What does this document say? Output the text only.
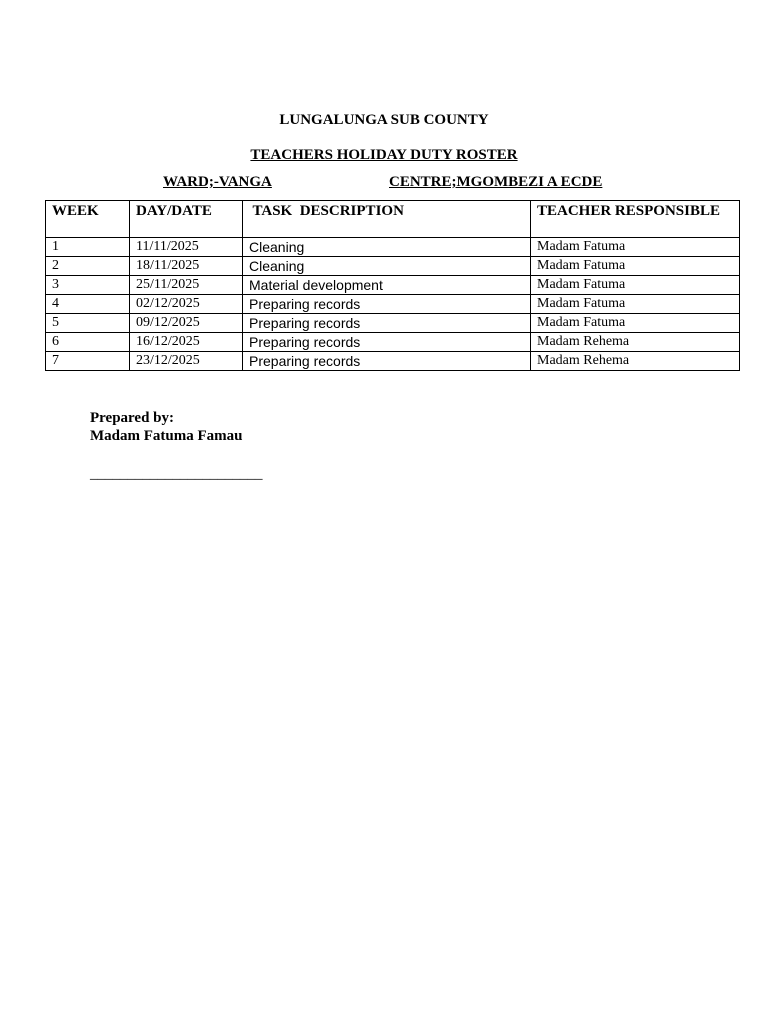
LUNGALUNGA SUB COUNTY
TEACHERS HOLIDAY DUTY ROSTER
WARD;-VANGA	CENTRE;MGOMBEZI A ECDE
WEEK	DAY/DATE	TASK  DESCRIPTION	TEACHER RESPONSIBLE
1	11/11/2025	Cleaning	Madam Fatuma
2	18/11/2025	Cleaning	Madam Fatuma
3	25/11/2025	Material development	Madam Fatuma
4	02/12/2025	Preparing records	Madam Fatuma
5	09/12/2025	Preparing records	Madam Fatuma
6	16/12/2025	Preparing records	Madam Rehema
7	23/12/2025	Preparing records	Madam Rehema
Prepared by:
Madam Fatuma Famau
_______________________
